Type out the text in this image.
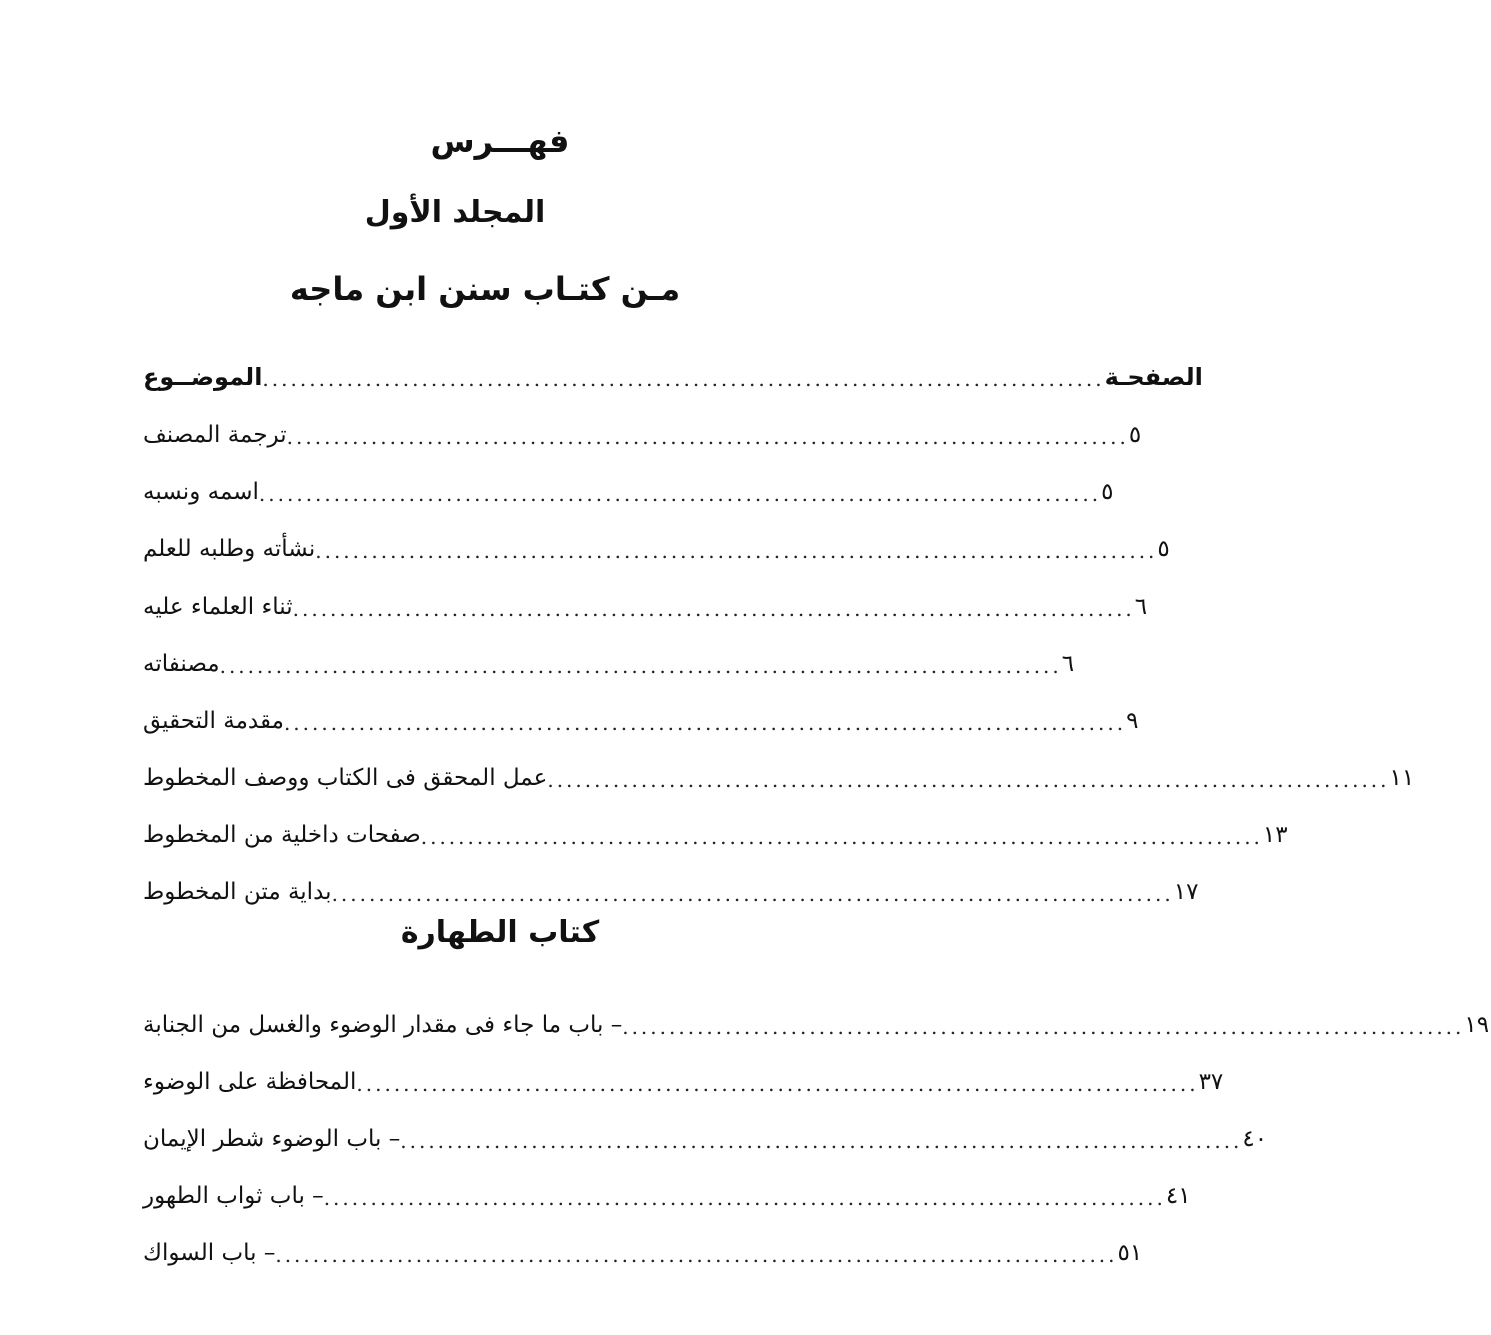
فهـــرس
المجلد الأول
مـن كتـاب سنن ابن ماجه
الموضــوع .......................................................................................... الصفحـة
ترجمة المصنف .......................................................................................... ٥
اسمه ونسبه .......................................................................................... ٥
نشأته وطلبه للعلم .......................................................................................... ٥
ثناء العلماء عليه .......................................................................................... ٦
مصنفاته .......................................................................................... ٦
مقدمة التحقيق .......................................................................................... ٩
عمل المحقق فى الكتاب ووصف المخطوط .......................................................................................... ١١
صفحات داخلية من المخطوط .......................................................................................... ١٣
بداية متن المخطوط .......................................................................................... ١٧
كتاب الطهارة
– باب ما جاء فى مقدار الوضوء والغسل من الجنابة .......................................................................................... ١٩
المحافظة على الوضوء .......................................................................................... ٣٧
– باب الوضوء شطر الإيمان .......................................................................................... ٤٠
– باب ثواب الطهور .......................................................................................... ٤١
– باب السواك .......................................................................................... ٥١
